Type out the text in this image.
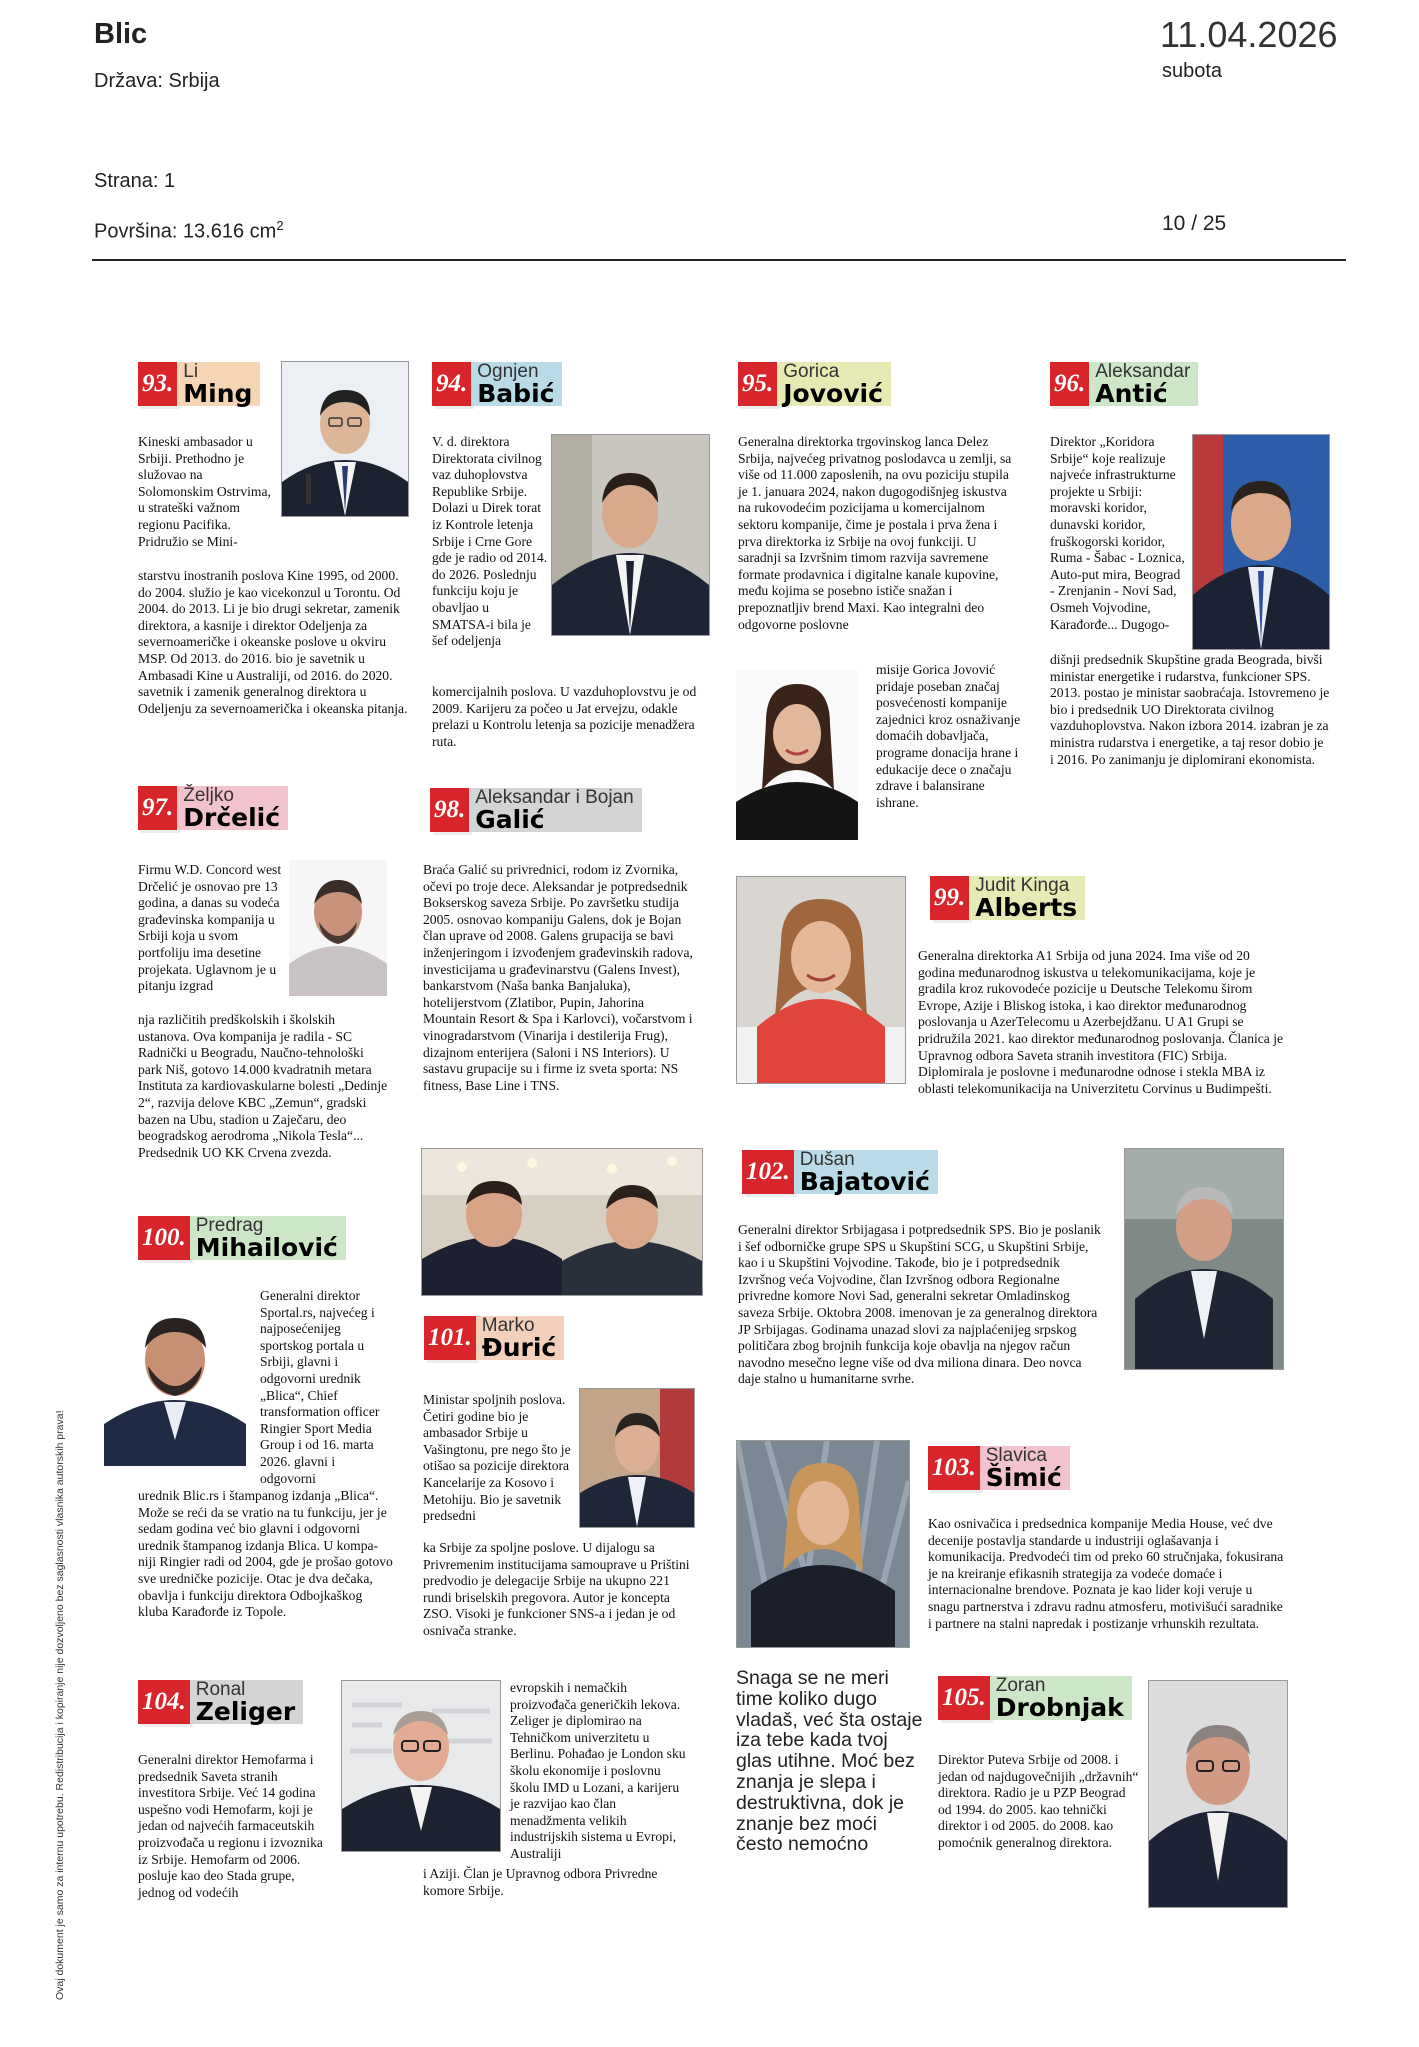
Blic
Država: Srbija
11.04.2026
subota
Strana: 1
Površina: 13.616 $cm^2$	10 / 25
Ovaj dokument je samo za internu upotrebu. Redistribucija i kopiranje nije dozvoljeno bez saglasnosti vlasnika autorskih prava!
93. Li
Ming

Kineski ambasador u Srbiji. Prethodno je služovao na Solomonskim Ostrvima, u strateški važnom regionu Pacifika. Pridružio se Mini-

starstvu inostranih poslova Kine 1995, od 2000. do 2004. služio je kao vicekonzul u Torontu. Od 2004. do 2013. Li je bio drugi sekretar, zamenik direktora, a kasnije i direktor Odeljenja za severnoameričke i okeanske poslove u okviru MSP. Od 2013. do 2016. bio je savetnik u Ambasadi Kine u Australiji, od 2016. do 2020. savetnik i zamenik generalnog direktora u Odeljenju za severnoamerička i okeanska pitanja.

94. Ognjen
Babić

V. d. direktora Direktorata civilnog vaz duhoplovstva Republike Srbije. Dolazi u Direk torat iz Kontrole letenja Srbije i Crne Gore gde je radio od 2014. do 2026. Poslednju funkciju koju je obavljao u SMATSA-i bila je šef odeljenja

komercijalnih poslova. U vazduhoplovstvu je od 2009. Karijeru za počeo u Jat ervejzu, odakle prelazi u Kontrolu letenja sa pozicije menadžera ruta.

95. Gorica
Jovović

Generalna direktorka trgovinskog lanca Delez Srbija, najvećeg privatnog poslodavca u zemlji, sa više od 11.000 zaposlenih, na ovu poziciju stupila je 1. januara 2024, nakon dugogodišnjeg iskustva na rukovodećim pozicijama u komercijalnom sektoru kompanije, čime je postala i prva žena i prva direktorka iz Srbije na ovoj funkciji. U saradnji sa Izvršnim timom razvija savremene formate prodavnica i digitalne kanale kupovine, među kojima se posebno ističe snažan i prepoznatljiv brend Maxi. Kao integralni deo odgovorne poslovne

misije Gorica Jovović pridaje poseban značaj posvećenosti kompanije zajednici kroz osnaživanje domaćih dobavljača, programe donacija hrane i edukacije dece o značaju zdrave i balansirane ishrane.

96. Aleksandar
Antić

Direktor „Koridora Srbije“ koje realizuje najveće infrastrukturne projekte u Srbiji: moravski koridor, dunavski koridor, fruškogorski koridor, Ruma - Šabac - Loznica, Auto-put mira, Beograd - Zrenjanin - Novi Sad, Osmeh Vojvodine, Karađorđe... Dugogo-

dišnji predsednik Skupštine grada Beograda, bivši ministar energetike i rudarstva, funkcioner SPS. 2013. postao je ministar saobraćaja. Istovremeno je bio i predsednik UO Direktorata civilnog vazduhoplovstva. Nakon izbora 2014. izabran je za ministra rudarstva i energetike, a taj resor dobio je i 2016. Po zanimanju je diplomirani ekonomista.

97. Željko
Drčelić

Firmu W.D. Concord west Drčelić je osnovao pre 13 godina, a danas su vodeća građevinska kompanija u Srbiji koja u svom portfoliju ima desetine projekata. Uglavnom je u pitanju izgrad

nja različitih predškolskih i školskih ustanova. Ova kompanija je radila - SC Radnički u Beogradu, Naučno-tehnološki park Niš, gotovo 14.000 kvadratnih metara Instituta za kardiovaskularne bolesti „Dedinje 2“, razvija delove KBC „Zemun“, gradski bazen na Ubu, stadion u Zaječaru, deo beogradskog aerodroma „Nikola Tesla“... Predsednik UO KK Crvena zvezda.

98. Aleksandar i Bojan
Galić

Braća Galić su privrednici, rodom iz Zvornika, očevi po troje dece. Aleksandar je potpredsednik Bokserskog saveza Srbije. Po završetku studija 2005. osnovao kompaniju Galens, dok je Bojan član uprave od 2008. Galens grupacija se bavi inženjeringom i izvođenjem građevinskih radova, investicijama u građevinarstvu (Galens Invest), bankarstvom (Naša banka Banjaluka), hotelijerstvom (Zlatibor, Pupin, Jahorina Mountain Resort & Spa i Karlovci), vočarstvom i vinogradarstvom (Vinarija i destilerija Frug), dizajnom enterijera (Saloni i NS Interiors). U sastavu grupacije su i firme iz sveta sporta: NS fitness, Base Line i TNS.

99. Judit Kinga
Alberts

Generalna direktorka A1 Srbija od juna 2024. Ima više od 20 godina međunarodnog iskustva u telekomunikacijama, koje je gradila kroz rukovodeće pozicije u Deutsche Telekomu širom Evrope, Azije i Bliskog istoka, i kao direktor međunarodnog poslovanja u AzerTelecomu u Azerbejdžanu. U A1 Grupi se pridružila 2021. kao direktor međunarodnog poslovanja. Članica je Upravnog odbora Saveta stranih investitora (FIC) Srbija. Diplomirala je poslovne i međunarodne odnose i stekla MBA iz oblasti telekomunikacija na Univerzitetu Corvinus u Budimpešti.

100. Predrag
Mihailović

Generalni direktor Sportal.rs, najvećeg i najposećenijeg sportskog portala u Srbiji, glavni i odgovorni urednik „Blica“, Chief transformation officer Ringier Sport Media Group i od 16. marta 2026. glavni i odgovorni

urednik Blic.rs i štampanog izdanja „Blica“. Može se reći da se vratio na tu funkciju, jer je sedam godina već bio glavni i odgovorni urednik štampanog izdanja Blica. U kompa-niji Ringier radi od 2004, gde je prošao gotovo sve uredničke pozicije. Otac je dva dečaka, obavlja i funkciju direktora Odbojkaškog kluba Karađorđe iz Topole.

101. Marko
Đurić

Ministar spoljnih poslova. Četiri godine bio je ambasador Srbije u Vašingtonu, pre nego što je otišao sa pozicije direktora Kancelarije za Kosovo i Metohiju. Bio je savetnik predsedni

ka Srbije za spoljne poslove. U dijalogu sa Privremenim institucijama samouprave u Prištini predvodio je delegacije Srbije na ukupno 221 rundi briselskih pregovora. Autor je koncepta ZSO. Visoki je funkcioner SNS-a i jedan je od osnivača stranke.

102. Dušan
Bajatović

Generalni direktor Srbijagasa i potpredsednik SPS. Bio je poslanik i šef odborničke grupe SPS u Skupštini SCG, u Skupštini Srbije, kao i u Skupštini Vojvodine. Takođe, bio je i potpredsednik Izvršnog veća Vojvodine, član Izvršnog odbora Regionalne privredne komore Novi Sad, generalni sekretar Omladinskog saveza Srbije. Oktobra 2008. imenovan je za generalnog direktora JP Srbijagas. Godinama unazad slovi za najplaćenijeg srpskog političara zbog brojnih funkcija koje obavlja na njegov račun navodno mesečno legne više od dva miliona dinara. Deo novca daje stalno u humanitarne svrhe.

103. Slavica
Šimić

Kao osnivačica i predsednica kompanije Media House, već dve decenije postavlja standarde u industriji oglašavanja i komunikacija. Predvodeći tim od preko 60 stručnjaka, fokusirana je na kreiranje efikasnih strategija za vodeće domaće i internacionalne brendove. Poznata je kao lider koji veruje u snagu partnerstva i zdravu radnu atmosferu, motivišući saradnike i partnere na stalni napredak i postizanje vrhunskih rezultata.

104. Ronal
Zeliger

Generalni direktor Hemofarma i predsednik Saveta stranih investitora Srbije. Već 14 godina uspešno vodi Hemofarm, koji je jedan od najvećih farmaceutskih proizvođača u regionu i izvoznika iz Srbije. Hemofarm od 2006. posluje kao deo Stada grupe, jednog od vodećih

evropskih i nemačkih proizvođača generičkih lekova. Zeliger je diplomirao na Tehničkom univerzitetu u Berlinu. Pohađao je London sku školu ekonomije i poslovnu školu IMD u Lozani, a karijeru je razvijao kao član menadžmenta velikih industrijskih sistema u Evropi, Australiji

i Aziji. Član je Upravnog odbora Privredne komore Srbije.

Snaga se ne meri time koliko dugo vladaš, već šta ostaje iza tebe kada tvoj glas utihne. Moć bez znanja je slepa i destruktivna, dok je znanje bez moći često nemoćno
105. Zoran
Drobnjak

Direktor Puteva Srbije od 2008. i jedan od najdugovečnijih „državnih“ direktora. Radio je u PZP Beograd od 1994. do 2005. kao tehnički direktor i od 2005. do 2008. kao pomoćnik generalnog direktora.
